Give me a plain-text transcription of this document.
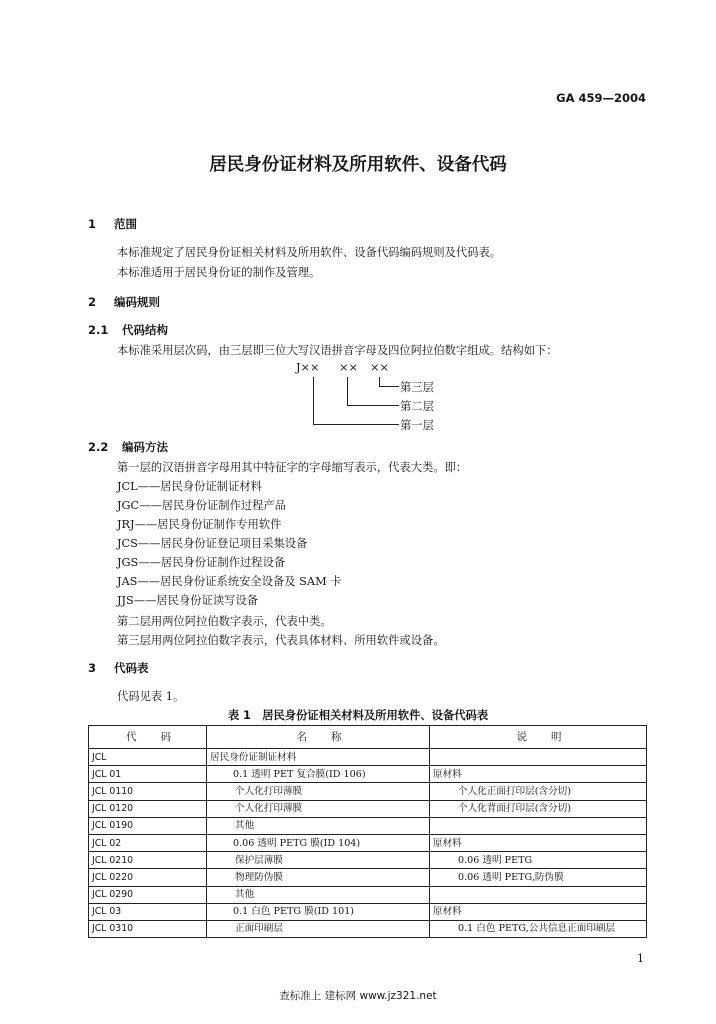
GA 459—2004
居民身份证材料及所用软件、设备代码
1 范围
本标准规定了居民身份证相关材料及所用软件、设备代码编码规则及代码表。
本标准适用于居民身份证的制作及管理。
2 编码规则
2.1 代码结构
本标准采用层次码，由三层即三位大写汉语拼音字母及四位阿拉伯数字组成。结构如下：
J×× ×× ××
第三层
第二层
第一层
2.2 编码方法
第一层的汉语拼音字母用其中特征字的字母缩写表示，代表大类。即：
JCL——居民身份证制证材料
JGC——居民身份证制作过程产品
JRJ——居民身份证制作专用软件
JCS——居民身份证登记项目采集设备
JGS——居民身份证制作过程设备
JAS——居民身份证系统安全设备及 SAM 卡
JJS——居民身份证读写设备
第二层用两位阿拉伯数字表示，代表中类。
第三层用两位阿拉伯数字表示，代表具体材料、所用软件或设备。
3 代码表
代码见表 1。
表 1　居民身份证相关材料及所用软件、设备代码表
代　　码	名　　称	说　　明
JCL	居民身份证制证材料	
JCL 01	0.1 透明 PET 复合膜(ID 106)	原材料
JCL 0110	个人化打印薄膜	个人化正面打印层(含分切)
JCL 0120	个人化打印薄膜	个人化背面打印层(含分切)
JCL 0190	其他	
JCL 02	0.06 透明 PETG 膜(ID 104)	原材料
JCL 0210	保护层薄膜	0.06 透明 PETG
JCL 0220	物理防伪膜	0.06 透明 PETG,防伪膜
JCL 0290	其他	
JCL 03	0.1 白色 PETG 膜(ID 101)	原材料
JCL 0310	正面印刷层	0.1 白色 PETG,公共信息正面印刷层
1
查标准上 建标网 www.jz321.net
